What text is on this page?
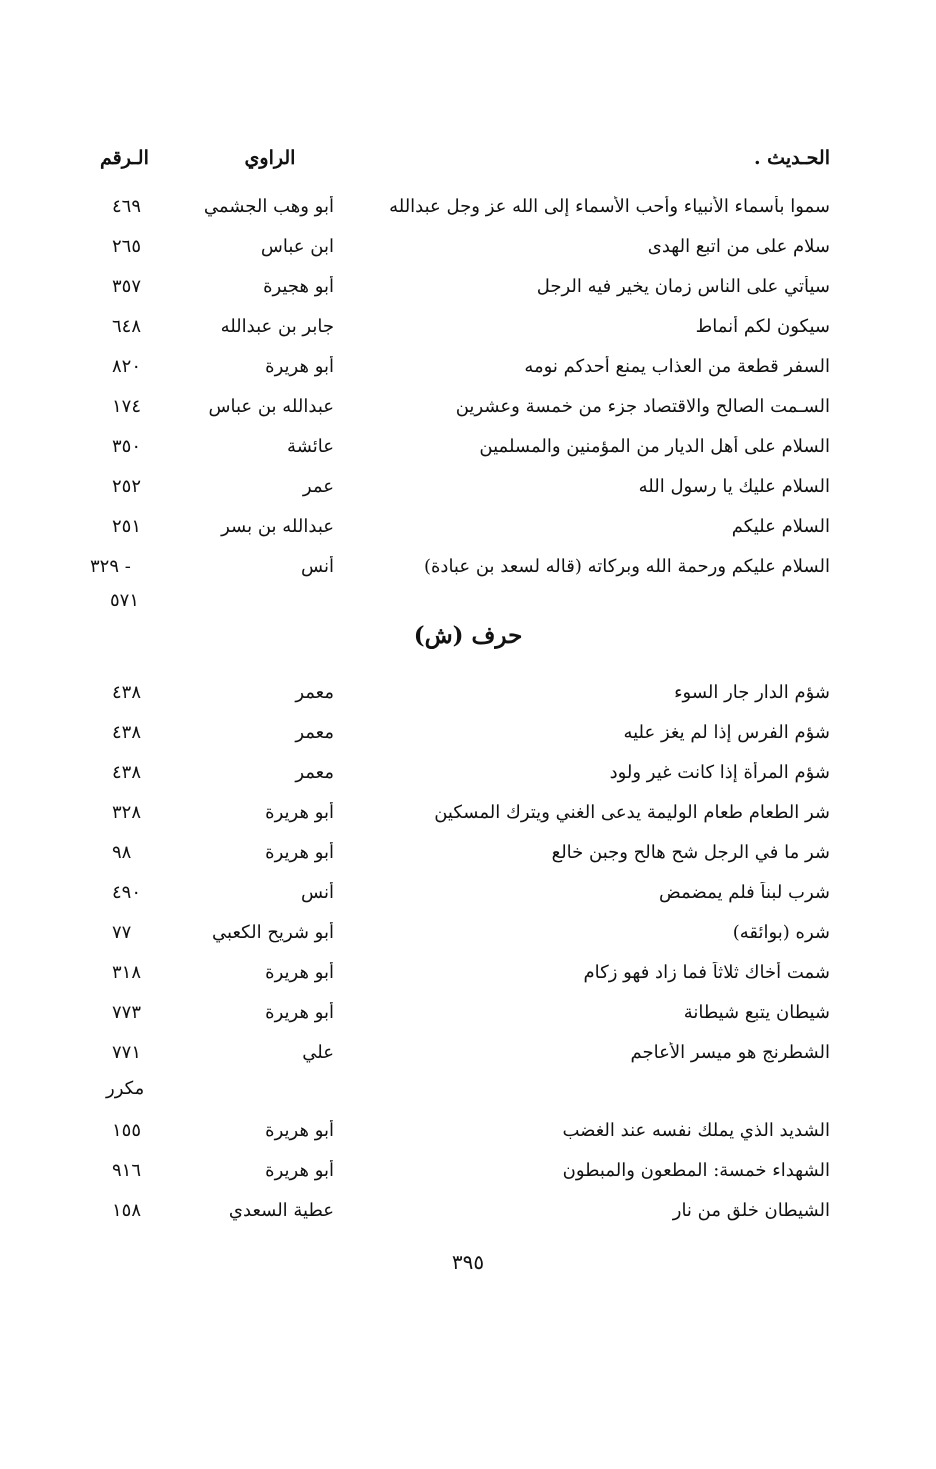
الحـديث .
الراوي
الـرقم
سموا بأسماء الأنبياء وأحب الأسماء إلى الله عز وجل عبدالله
أبو وهب الجشمي
٤٦٩
سلام على من اتبع الهدى
ابن عباس
٢٦٥
سيأتي على الناس زمان يخير فيه الرجل
أبو هجيرة
٣٥٧
سيكون لكم أنماط
جابر بن عبدالله
٦٤٨
السفر قطعة من العذاب يمنع أحدكم نومه
أبو هريرة
٨٢٠
السـمت الصالح والاقتصاد جزء من خمسة وعشرين
عبدالله بن عباس
١٧٤
السلام على أهل الديار من المؤمنين والمسلمين
عائشة
٣٥٠
السلام عليك يا رسول الله
عمر
٢٥٢
السلام عليكم
عبدالله بن بسر
٢٥١
السلام عليكم ورحمة الله وبركاته (قاله لسعد بن عبادة)
أنس
٣٢٩ -
٥٧١
حرف (ش)
شؤم الدار جار السوء
معمر
٤٣٨
شؤم الفرس إذا لم يغز عليه
معمر
٤٣٨
شؤم المرأة إذا كانت غير ولود
معمر
٤٣٨
شر الطعام طعام الوليمة يدعى الغني ويترك المسكين
أبو هريرة
٣٢٨
شر ما في الرجل شح هالح وجبن خالع
أبو هريرة
٩٨
شرب لبناً فلم يمضمض
أنس
٤٩٠
شره (بوائقه)
أبو شريح الكعبي
٧٧
شمت أخاك ثلاثاً فما زاد فهو زكام
أبو هريرة
٣١٨
شيطان يتبع شيطانة
أبو هريرة
٧٧٣
الشطرنج هو ميسر الأعاجم
علي
٧٧١
مكرر
الشديد الذي يملك نفسه عند الغضب
أبو هريرة
١٥٥
الشهداء خمسة: المطعون والمبطون
أبو هريرة
٩١٦
الشيطان خلق من نار
عطية السعدي
١٥٨
٣٩٥
